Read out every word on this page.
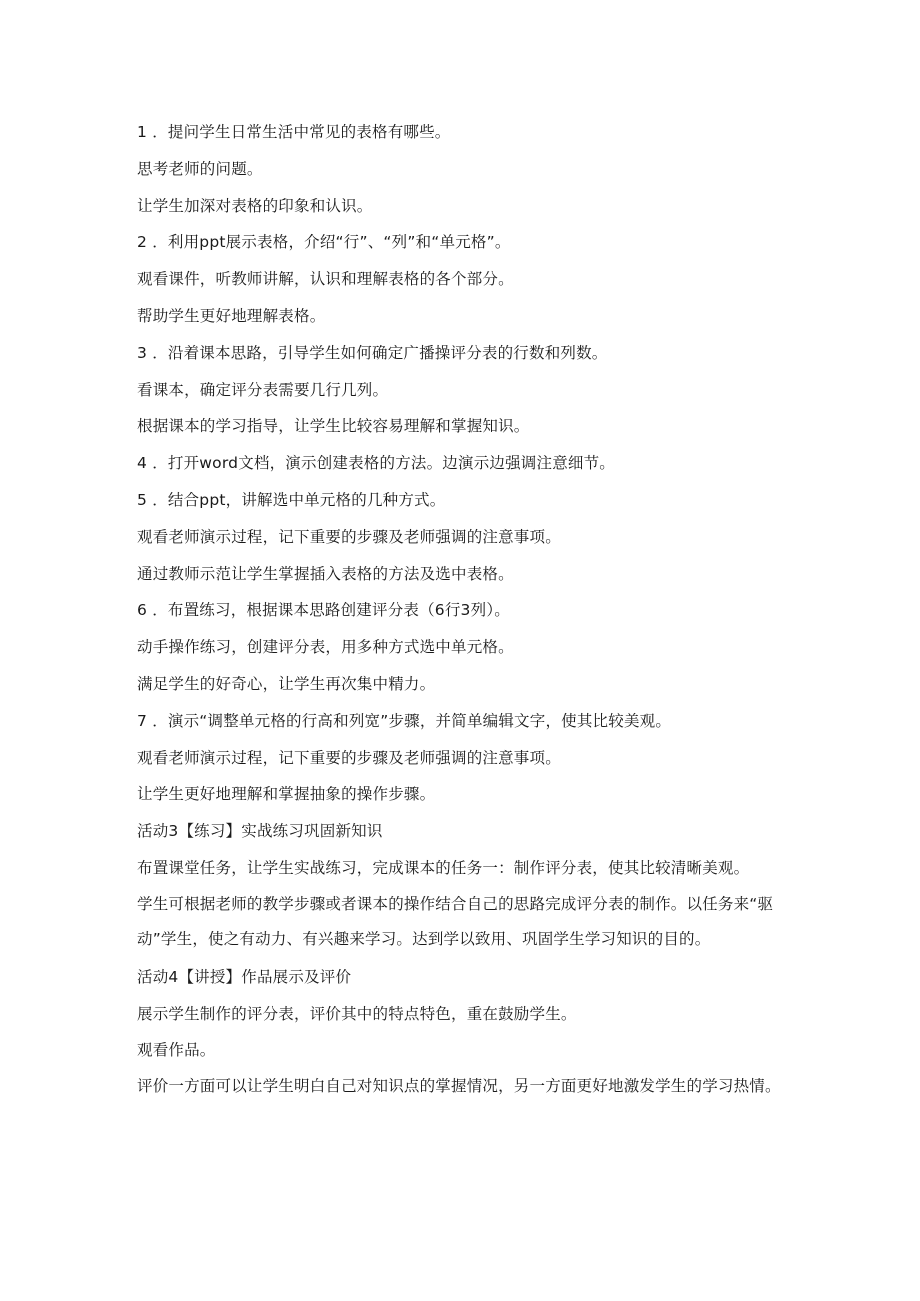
1 ．提问学生日常生活中常见的表格有哪些。

思考老师的问题。

让学生加深对表格的印象和认识。

2 ．利用ppt展示表格，介绍“行”、“列”和“单元格”。

观看课件，听教师讲解，认识和理解表格的各个部分。

帮助学生更好地理解表格。

3 ．沿着课本思路，引导学生如何确定广播操评分表的行数和列数。

看课本，确定评分表需要几行几列。

根据课本的学习指导，让学生比较容易理解和掌握知识。

4 ．打开word文档，演示创建表格的方法。边演示边强调注意细节。

5 ．结合ppt，讲解选中单元格的几种方式。

观看老师演示过程，记下重要的步骤及老师强调的注意事项。

通过教师示范让学生掌握插入表格的方法及选中表格。

6 ．布置练习，根据课本思路创建评分表（6行3列）。

动手操作练习，创建评分表，用多种方式选中单元格。

满足学生的好奇心，让学生再次集中精力。

7 ．演示“调整单元格的行高和列宽”步骤，并简单编辑文字，使其比较美观。

观看老师演示过程，记下重要的步骤及老师强调的注意事项。

让学生更好地理解和掌握抽象的操作步骤。

活动3【练习】实战练习巩固新知识

布置课堂任务，让学生实战练习，完成课本的任务一：制作评分表，使其比较清晰美观。

学生可根据老师的教学步骤或者课本的操作结合自己的思路完成评分表的制作。以任务来“驱动”学生，使之有动力、有兴趣来学习。达到学以致用、巩固学生学习知识的目的。

活动4【讲授】作品展示及评价

展示学生制作的评分表，评价其中的特点特色，重在鼓励学生。

观看作品。

评价一方面可以让学生明白自己对知识点的掌握情况，另一方面更好地激发学生的学习热情。
